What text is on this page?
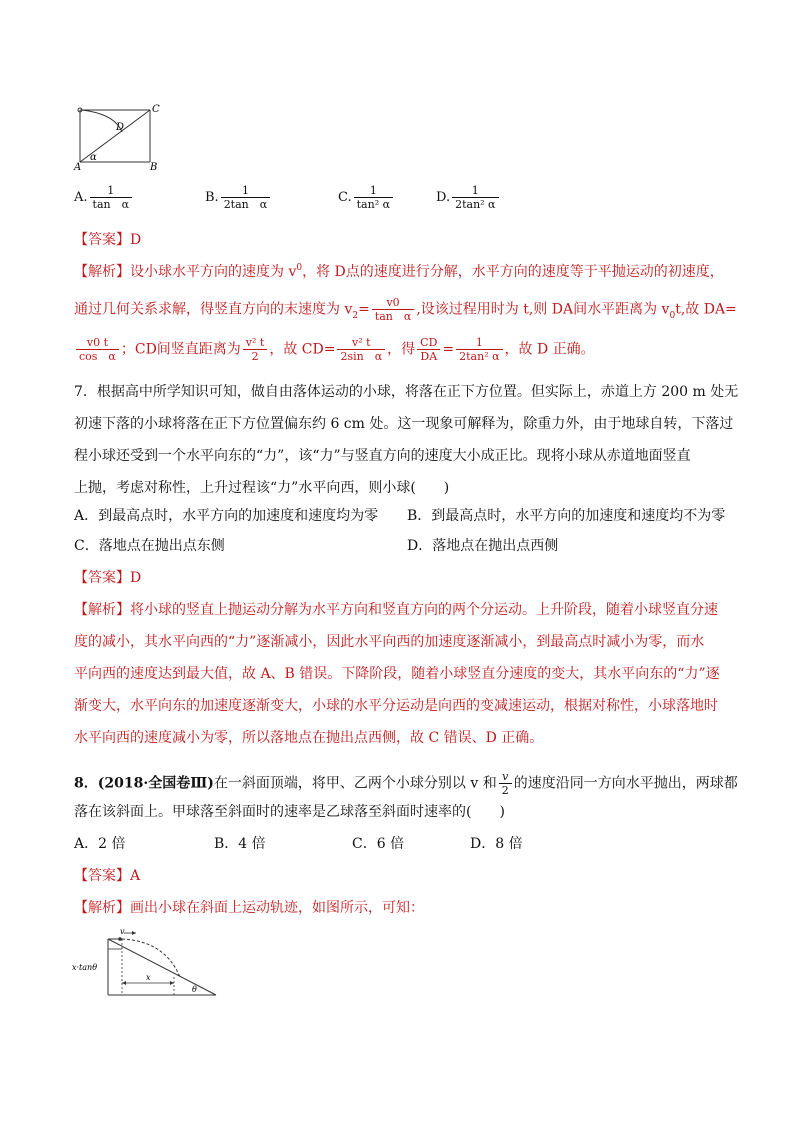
C
D
A	B
α
A. $\frac{1}{\text{tan　α}}$	B. $\frac{1}{\text{2tan　α}}$	C. $\frac{1}{\text{tan² α}}$	D. $\frac{1}{\text{2tan² α}}$
【答案】D
【解析】设小球水平方向的速度为 $v^0$，将 D点的速度进行分解，水平方向的速度等于平抛运动的初速度，
通过几何关系求解，得竖直方向的末速度为 $v_2= \frac{v0}{\text{tan　α}}$ ,设该过程用时为 t,则 DA间水平距离为 $v_0t$,故 DA=
$\frac{v0 t}{\text{cos　α}}$ ；CD间竖直距离为 $\frac{\text{v² t}}{2}$ ，故 $CD= \frac{\text{v² t}}{\text{2sin　α}}$ ，得 $\frac{CD}{DA} = \frac{1}{\text{2tan² α}}$ ，故 D 正确。
7．根据高中所学知识可知，做自由落体运动的小球，将落在正下方位置。但实际上，赤道上方 200 m 处无
初速下落的小球将落在正下方位置偏东约 6 cm 处。这一现象可解释为，除重力外，由于地球自转，下落过
程小球还受到一个水平向东的“力”，该“力”与竖直方向的速度大小成正比。现将小球从赤道地面竖直
上抛，考虑对称性，上升过程该“力”水平向西，则小球(　　)
A．到最高点时，水平方向的加速度和速度均为零 B．到最高点时，水平方向的加速度和速度均不为零
C．落地点在抛出点东侧	D．落地点在抛出点西侧
【答案】D
【解析】将小球的竖直上抛运动分解为水平方向和竖直方向的两个分运动。上升阶段，随着小球竖直分速
度的减小，其水平向西的“力”逐渐减小，因此水平向西的加速度逐渐减小，到最高点时减小为零，而水
平向西的速度达到最大值，故 A、B 错误。下降阶段，随着小球竖直分速度的变大，其水平向东的“力”逐
渐变大，水平向东的加速度逐渐变大，小球的水平分运动是向西的变减速运动，根据对称性，小球落地时
水平向西的速度减小为零，所以落地点在抛出点西侧，故 C 错误、D 正确。
8．(2018·全国卷Ⅲ)在一斜面顶端，将甲、乙两个小球分别以 v 和 $\frac{v}{2}$ 的速度沿同一方向水平抛出，两球都
落在该斜面上。甲球落至斜面时的速率是乙球落至斜面时速率的(　　)
A．2 倍	B．4 倍	C．6 倍	D．8 倍
【答案】A
【解析】画出小球在斜面上运动轨迹，如图所示，可知：
v
x·tanθ
x
θ
